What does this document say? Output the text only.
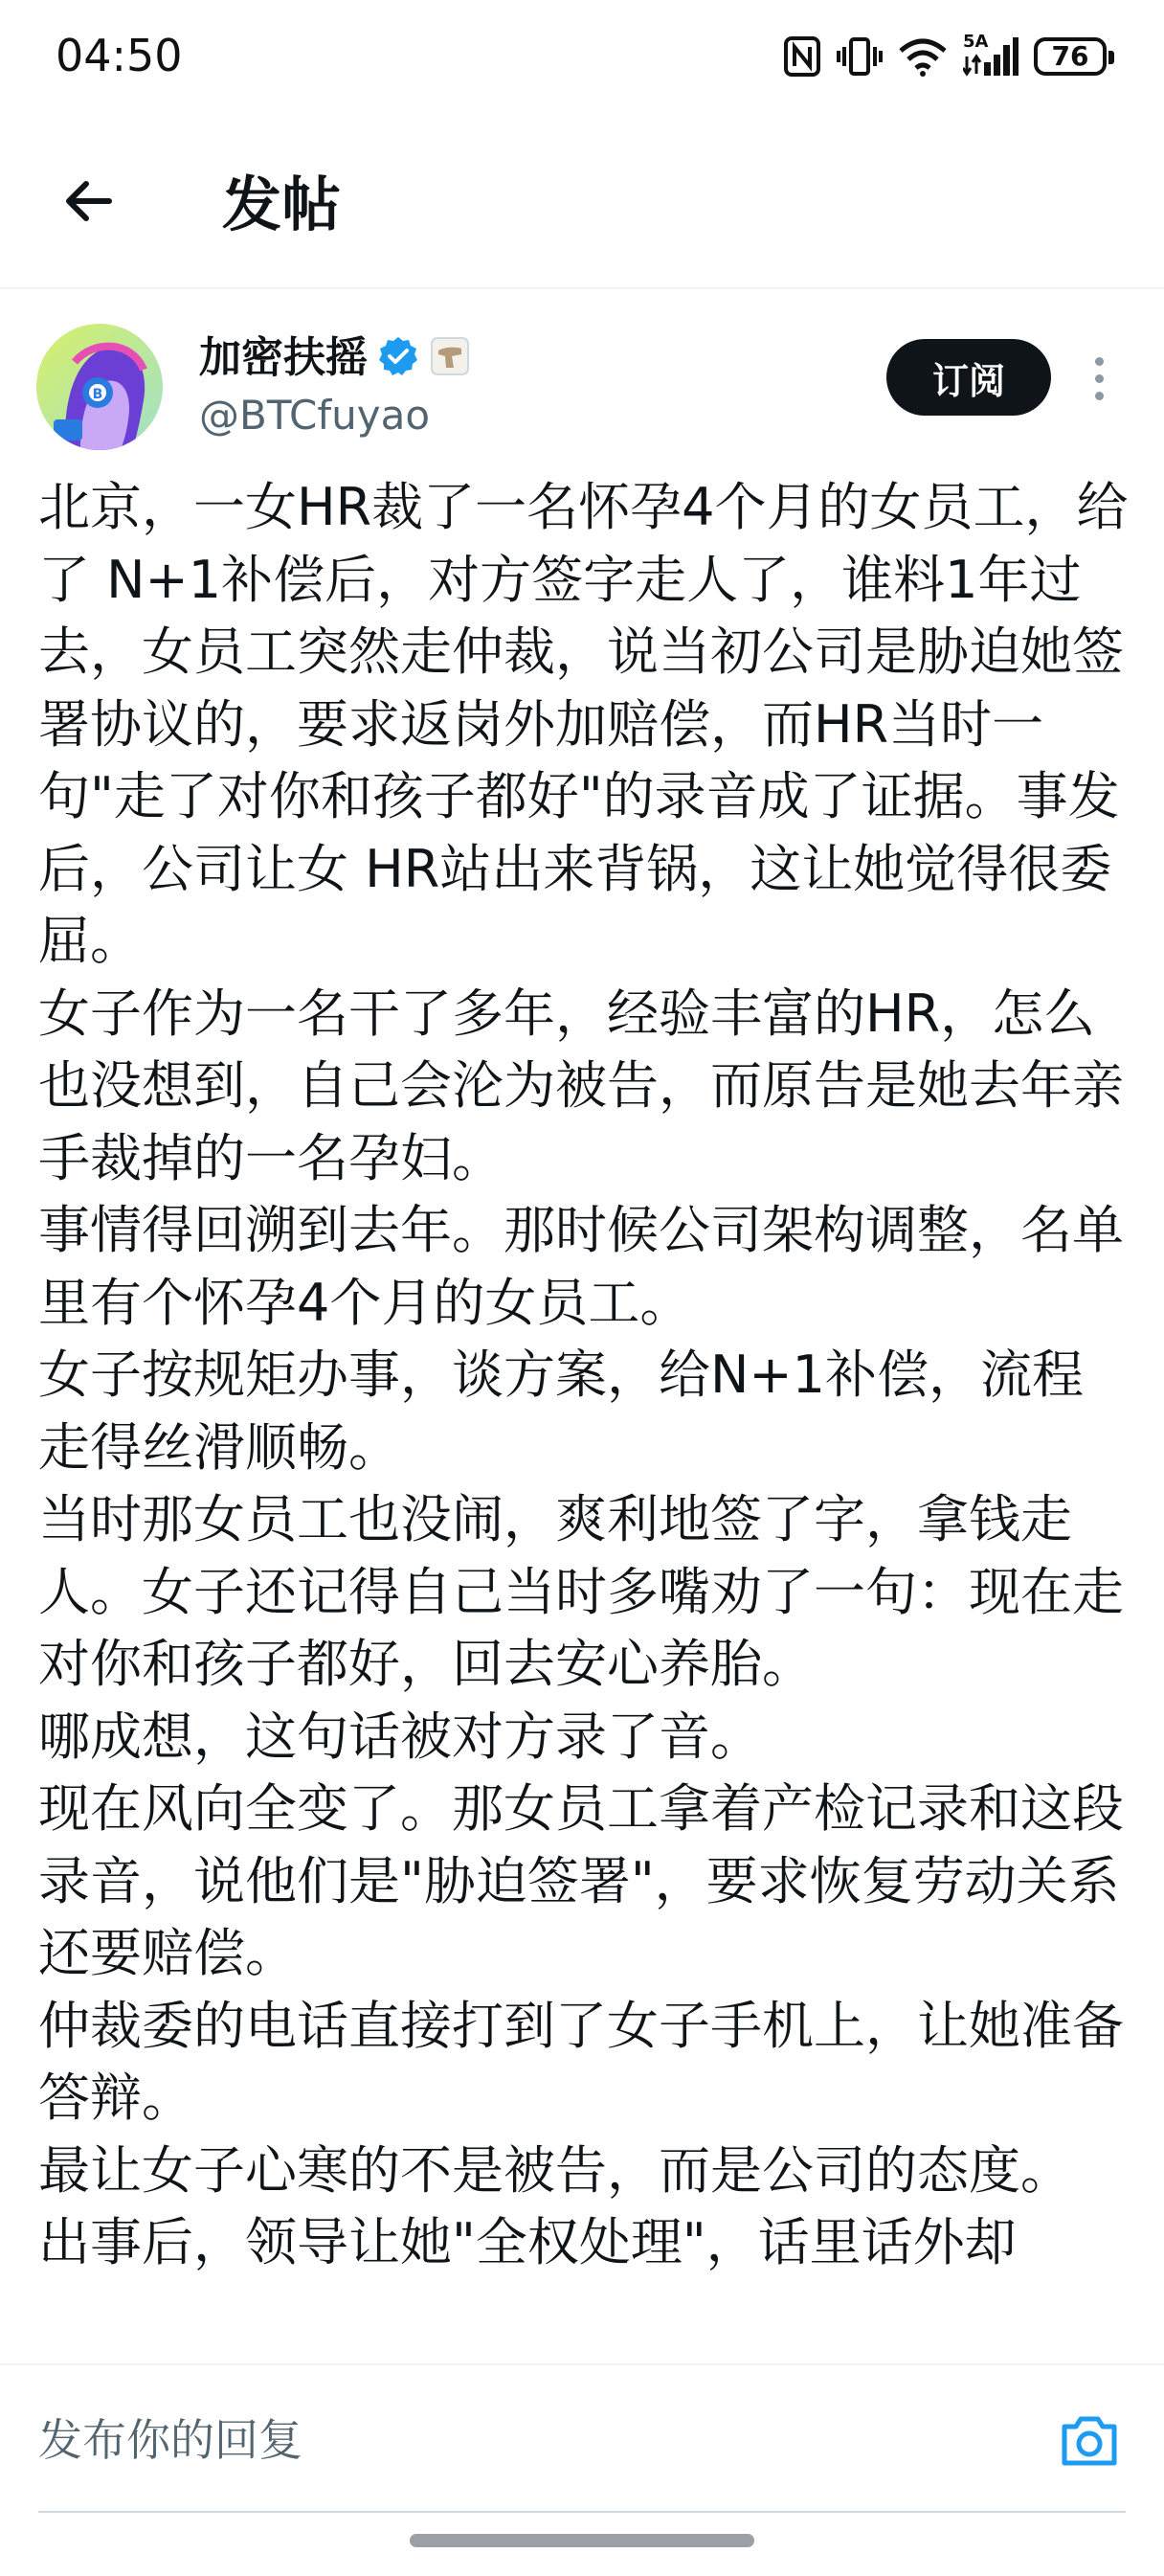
04:50	5A 76
发帖
B
加密扶摇
@BTCfuyao
订阅
北京，一女HR裁了一名怀孕4个月的女员工，给了 N+1补偿后，对方签字走人了，谁料1年过去，女员工突然走仲裁，说当初公司是胁迫她签署协议的，要求返岗外加赔偿，而HR当时一句"走了对你和孩子都好"的录音成了证据。事发后，公司让女 HR站出来背锅，这让她觉得很委屈。
女子作为一名干了多年，经验丰富的HR，怎么也没想到，自己会沦为被告，而原告是她去年亲手裁掉的一名孕妇。
事情得回溯到去年。那时候公司架构调整，名单里有个怀孕4个月的女员工。
女子按规矩办事，谈方案，给N+1补偿，流程走得丝滑顺畅。
当时那女员工也没闹，爽利地签了字，拿钱走人。女子还记得自己当时多嘴劝了一句：现在走对你和孩子都好，回去安心养胎。
哪成想，这句话被对方录了音。
现在风向全变了。那女员工拿着产检记录和这段录音，说他们是"胁迫签署"，要求恢复劳动关系还要赔偿。
仲裁委的电话直接打到了女子手机上，让她准备答辩。
最让女子心寒的不是被告，而是公司的态度。
出事后，领导让她"全权处理"，话里话外却
发布你的回复
